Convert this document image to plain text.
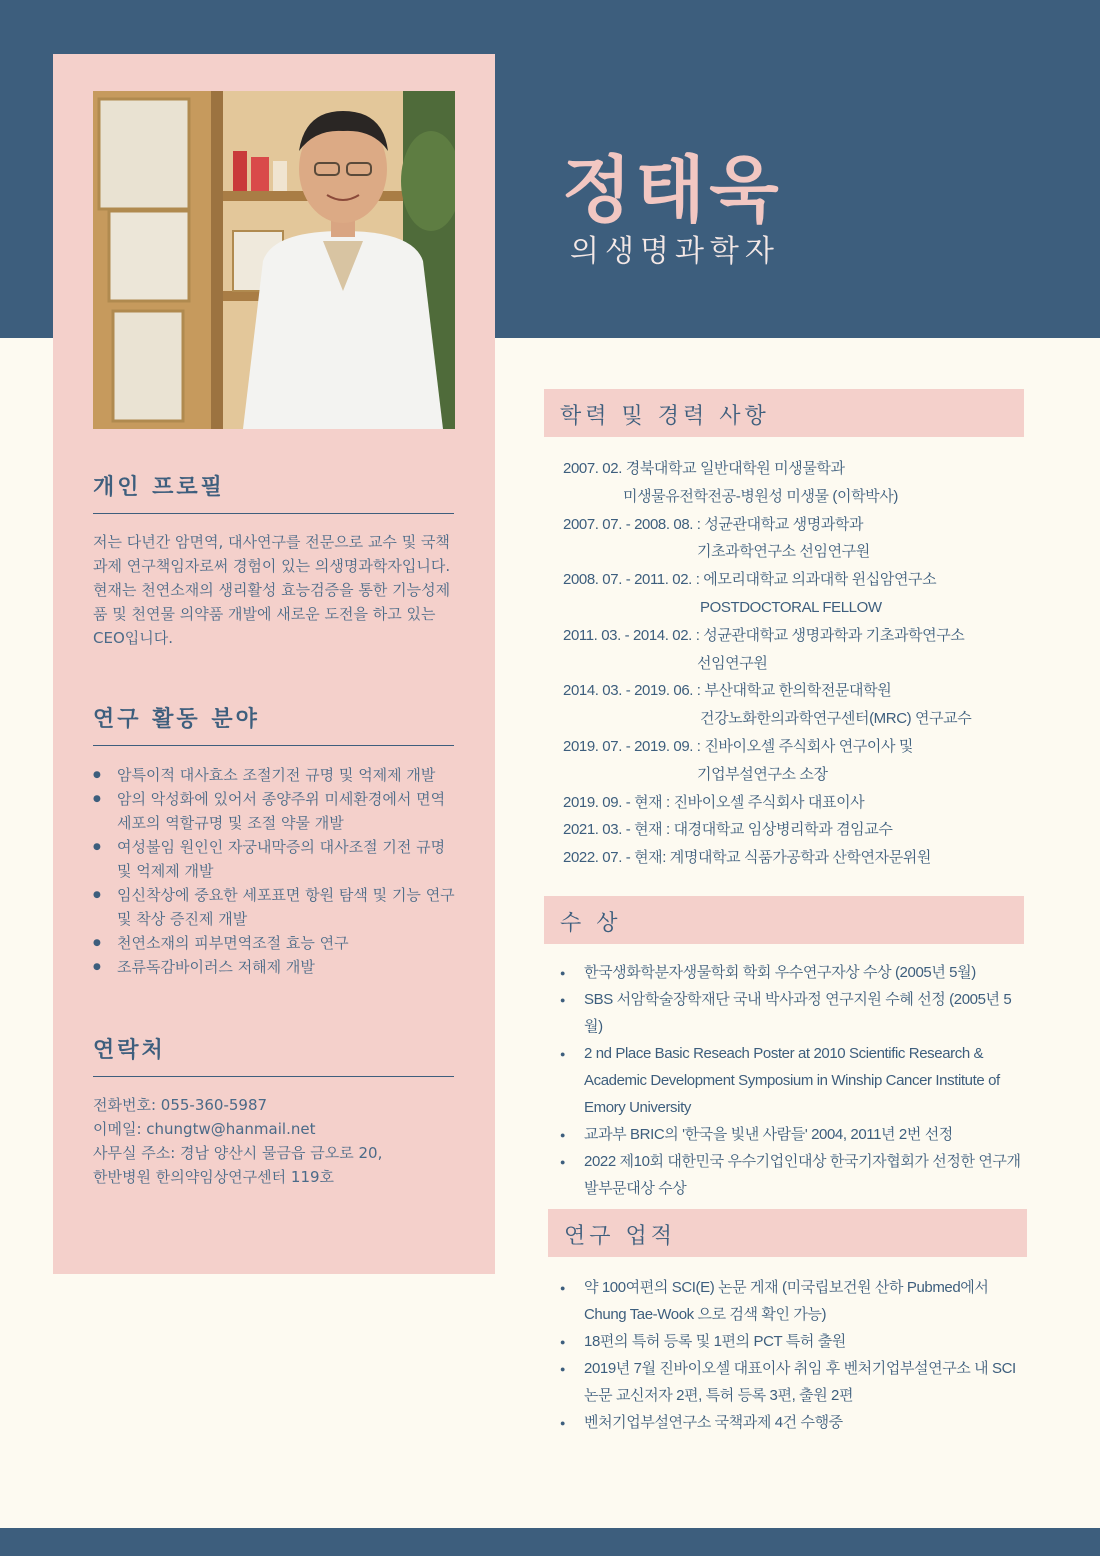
정태욱

의생명과학자

개인 프로필

저는 다년간 암면역, 대사연구를 전문으로 교수 및 국책과제 연구책임자로써 경험이 있는 의생명과학자입니다. 현재는 천연소재의 생리활성 효능검증을 통한 기능성제품 및 천연물 의약품 개발에 새로운 도전을 하고 있는 CEO입니다.

연구 활동 분야
● 암특이적 대사효소 조절기전 규명 및 억제제 개발
● 암의 악성화에 있어서 종양주위 미세환경에서 면역세포의 역할규명 및 조절 약물 개발
● 여성불임 원인인 자궁내막증의 대사조절 기전 규명 및 억제제 개발
● 임신착상에 중요한 세포표면 항원 탐색 및 기능 연구 및 착상 증진제 개발
● 천연소재의 피부면역조절 효능 연구
● 조류독감바이러스 저해제 개발
연락처
전화번호: 055-360-5987
이메일: chungtw@hanmail.net
사무실 주소: 경남 양산시 물금읍 금오로 20,
한반병원 한의약임상연구센터 119호
학력 및 경력 사항
2007. 02. 경북대학교 일반대학원 미생물학과
미생물유전학전공-병원성 미생물 (이학박사)
2007. 07. - 2008. 08. : 성균관대학교 생명과학과
기초과학연구소 선임연구원
2008. 07. - 2011. 02. : 에모리대학교 의과대학 윈십암연구소
POSTDOCTORAL FELLOW
2011. 03. - 2014. 02. : 성균관대학교 생명과학과 기초과학연구소
선임연구원
2014. 03. - 2019. 06. : 부산대학교 한의학전문대학원
건강노화한의과학연구센터(MRC) 연구교수
2019. 07. - 2019. 09. : 진바이오셀 주식회사 연구이사 및
기업부설연구소 소장
2019. 09. - 현재 : 진바이오셀 주식회사 대표이사
2021. 03. - 현재 : 대경대학교 임상병리학과 겸임교수
2022. 07. - 현재: 계명대학교 식품가공학과 산학연자문위원
수 상
● 한국생화학분자생물학회 학회 우수연구자상 수상 (2005년 5월)
● SBS 서암학술장학재단 국내 박사과정 연구지원 수혜 선정 (2005년 5월)
● 2 nd Place Basic Reseach Poster at 2010 Scientific Research & Academic Development Symposium in Winship Cancer Institute of Emory University
● 교과부 BRIC의 '한국을 빛낸 사람들' 2004, 2011년 2번 선정
● 2022 제10회 대한민국 우수기업인대상 한국기자협회가 선정한 연구개발부문대상 수상
연구 업적
● 약 100여편의 SCI(E) 논문 게재 (미국립보건원 산하 Pubmed에서 Chung Tae-Wook 으로 검색 확인 가능)
● 18편의 특허 등록 및 1편의 PCT 특허 출원
● 2019년 7월 진바이오셀 대표이사 취임 후 벤처기업부설연구소 내 SCI 논문 교신저자 2편, 특허 등록 3편, 출원 2편
● 벤처기업부설연구소 국책과제 4건 수행중
